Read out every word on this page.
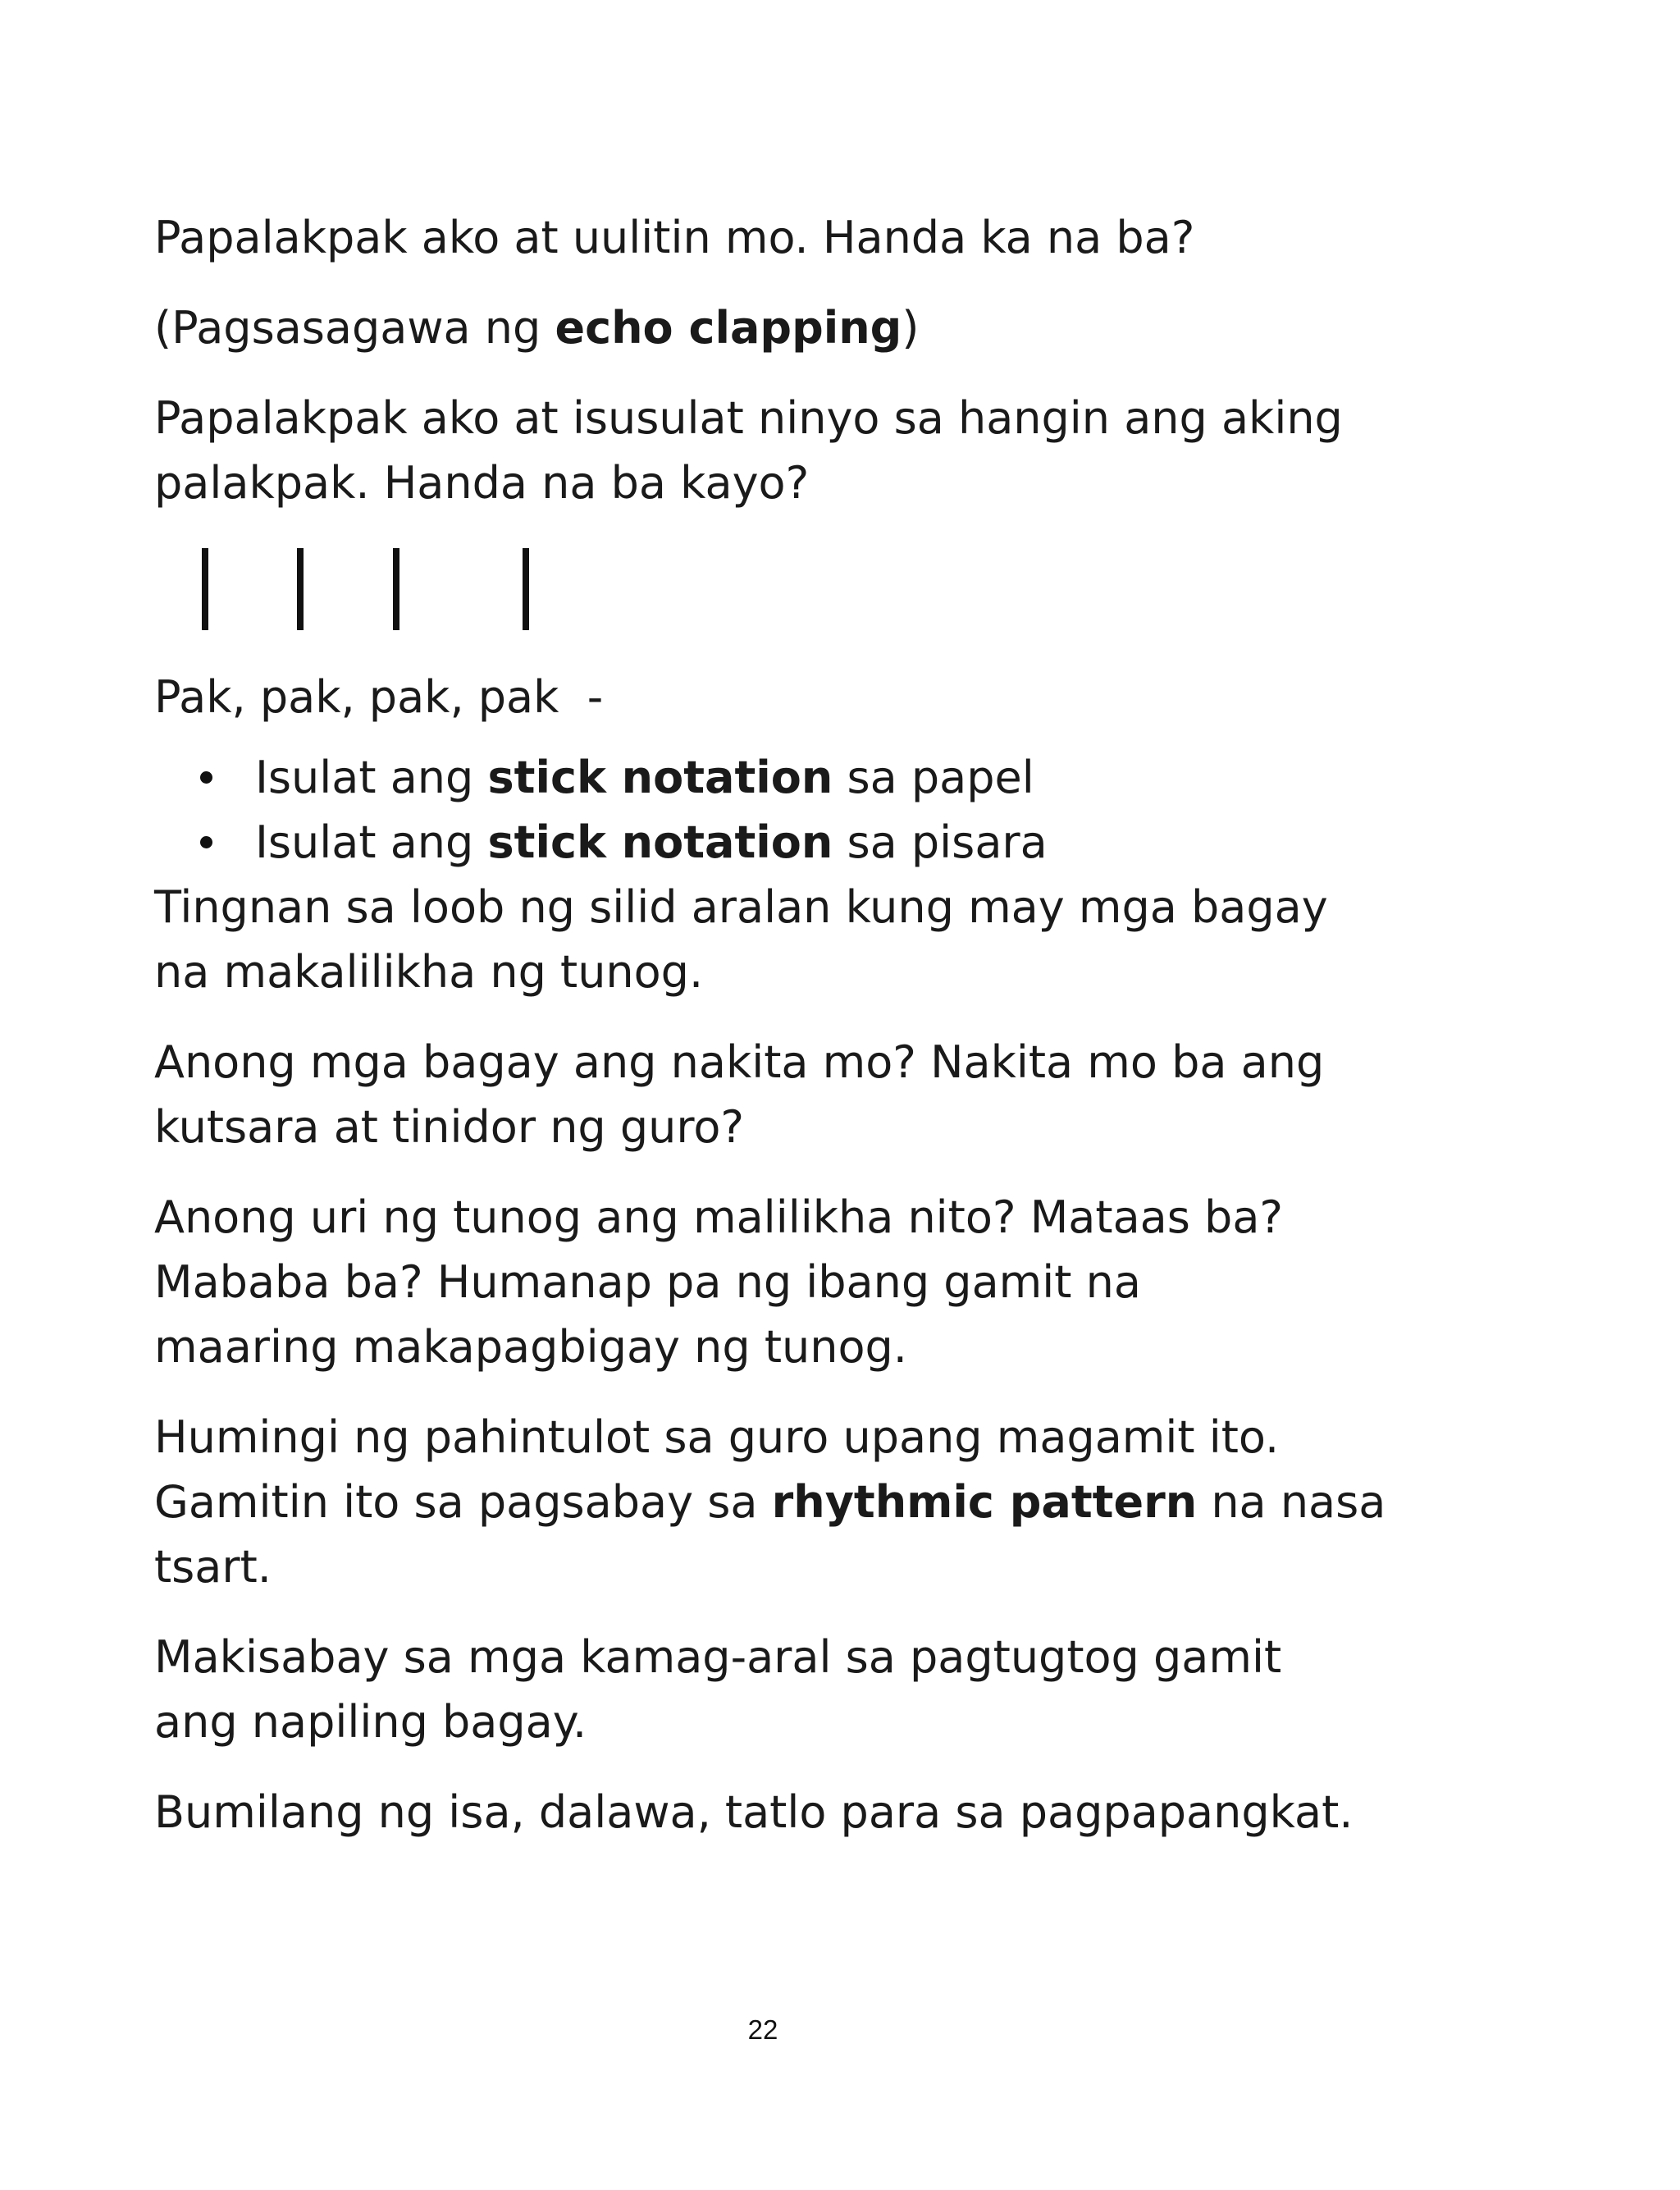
Papalakpak ako at uulitin mo. Handa ka na ba?

(Pagsasagawa ng echo clapping)

Papalakpak ako at isusulat ninyo sa hangin ang aking
palakpak. Handa na ba kayo?

Pak, pak, pak, pak  -

Isulat ang stick notation sa papel
Isulat ang stick notation sa pisara

Tingnan sa loob ng silid aralan kung may mga bagay
na makalilikha ng tunog.

Anong mga bagay ang nakita mo? Nakita mo ba ang
kutsara at tinidor ng guro?

Anong uri ng tunog ang malilikha nito? Mataas ba?
Mababa ba? Humanap pa ng ibang gamit na
maaring makapagbigay ng tunog.

Humingi ng pahintulot sa guro upang magamit ito.
Gamitin ito sa pagsabay sa rhythmic pattern na nasa
tsart.

Makisabay sa mga kamag-aral sa pagtugtog gamit
ang napiling bagay.

Bumilang ng isa, dalawa, tatlo para sa pagpapangkat.

22
